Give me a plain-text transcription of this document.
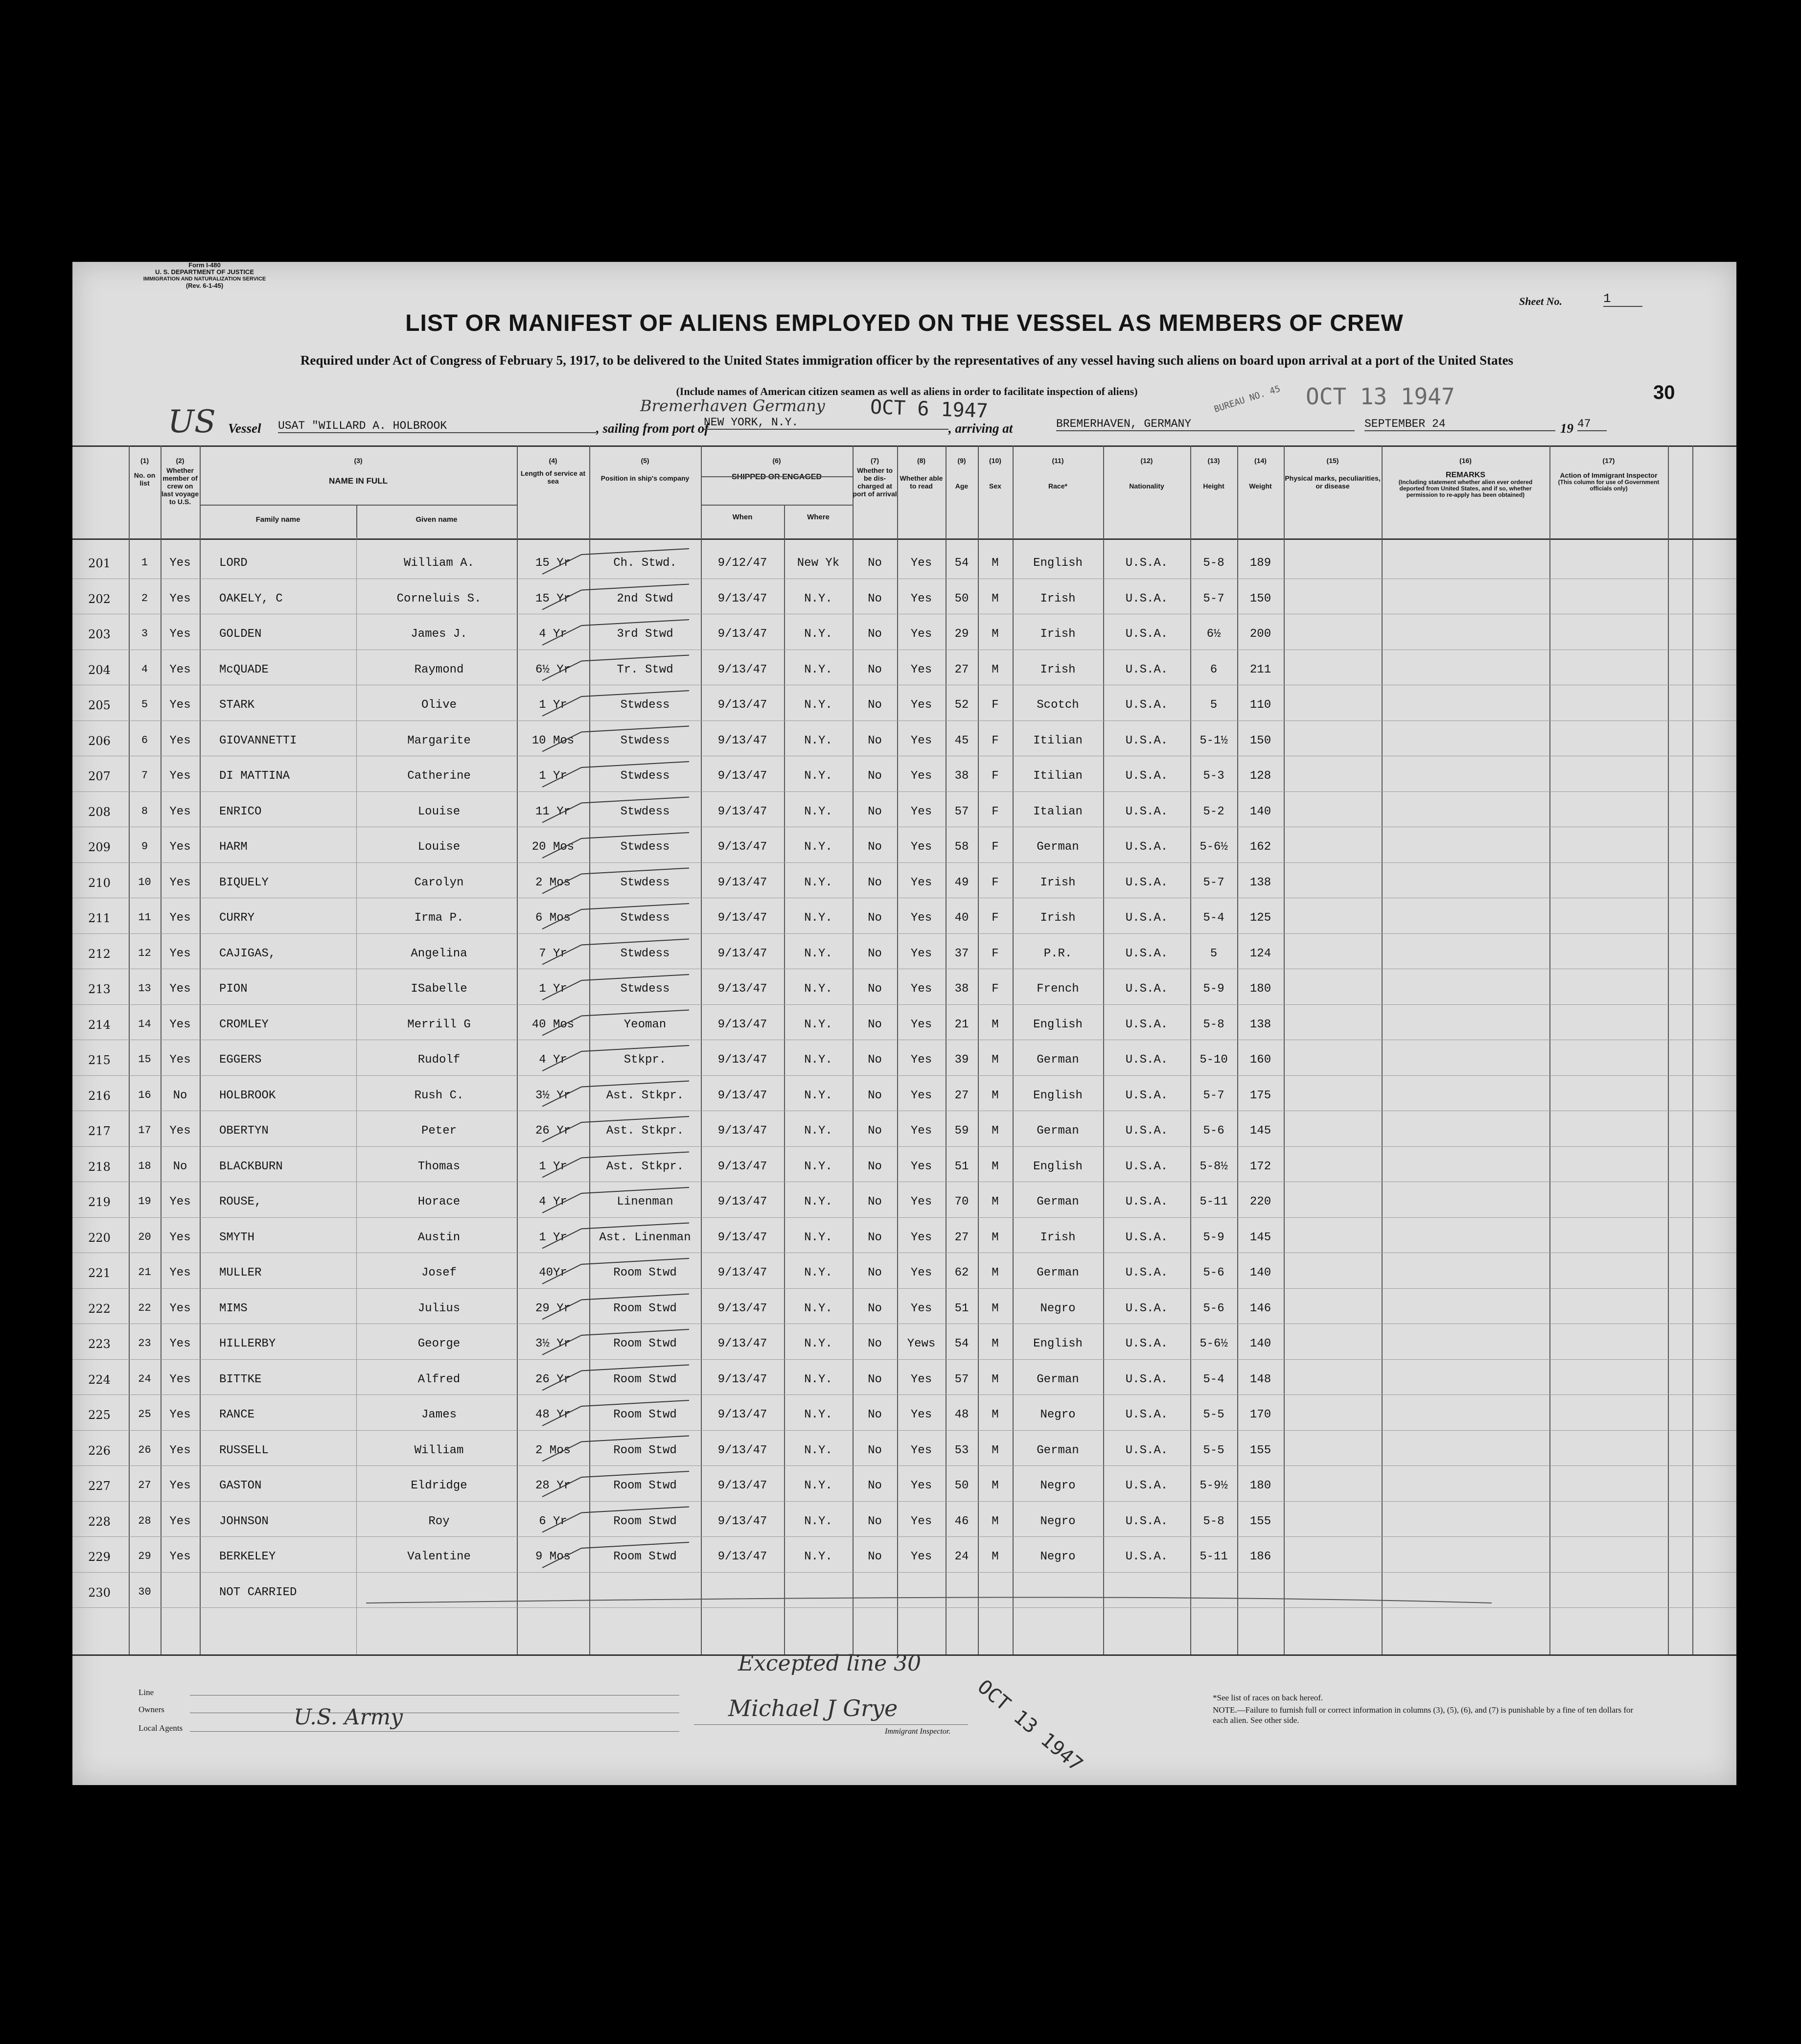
Form I-480
U. S. DEPARTMENT OF JUSTICE
IMMIGRATION AND NATURALIZATION SERVICE
(Rev. 6-1-45)
Sheet No.	1
LIST OR MANIFEST OF ALIENS EMPLOYED ON THE VESSEL AS MEMBERS OF CREW
Required under Act of Congress of February 5, 1917, to be delivered to the United States immigration officer by the representatives of any vessel having such aliens on board upon arrival at a port of the United States
(Include names of American citizen seamen as well as aliens in order to facilitate inspection of aliens)	30
US Vessel USAT "WILLARD A. HOLBROOK	, sailing from port of
Bremerhaven Germany
NEW YORK, N.Y.	OCT 6 1947
, arriving at	BREMERHAVEN, GERMANY
BUREAU NO. 45 OCT 13 1947
SEPTEMBER 24	19 47
(1)
No. on list
(2)
Whether member of crew on last voyage to U.S.
(3)
NAME IN FULL
(4)
Length of service at sea
(5)
Position in ship's company
(6)
SHIPPED OR ENGAGED
(7)
Whether to be dis-charged at port of arrival
(8)
Whether able to read
(9)
Age
(10)
Sex
(11)
Race*
(12)
Nationality
(13)
Height
(14)
Weight
(15)
Physical marks, peculiarities, or disease
(16)
REMARKS
(Including statement whether alien ever ordered deported from United States, and if so, whether permission to re-apply has been obtained)
(17)
Action of Immigrant Inspector
(This column for use of Government officials only)
Family name	Given name	When	Where
201	1	Yes	LORD	William A.	15 Yr	Ch. Stwd.	9/12/47	New Yk	No	Yes	54	M	English	U.S.A.	5-8	189
202	2	Yes	OAKELY, C	Corneluis S.	15 Yr	2nd Stwd	9/13/47	N.Y.	No	Yes	50	M	Irish	U.S.A.	5-7	150
203	3	Yes	GOLDEN	James J.	4 Yr	3rd Stwd	9/13/47	N.Y.	No	Yes	29	M	Irish	U.S.A.	6½	200
204	4	Yes	McQUADE	Raymond	6½ Yr	Tr. Stwd	9/13/47	N.Y.	No	Yes	27	M	Irish	U.S.A.	6	211
205	5	Yes	STARK	Olive	1 Yr	Stwdess	9/13/47	N.Y.	No	Yes	52	F	Scotch	U.S.A.	5	110
206	6	Yes	GIOVANNETTI	Margarite	10 Mos	Stwdess	9/13/47	N.Y.	No	Yes	45	F	Itilian	U.S.A.	5-1½	150
207	7	Yes	DI MATTINA	Catherine	1 Yr	Stwdess	9/13/47	N.Y.	No	Yes	38	F	Itilian	U.S.A.	5-3	128
208	8	Yes	ENRICO	Louise	11 Yr	Stwdess	9/13/47	N.Y.	No	Yes	57	F	Italian	U.S.A.	5-2	140
209	9	Yes	HARM	Louise	20 Mos	Stwdess	9/13/47	N.Y.	No	Yes	58	F	German	U.S.A.	5-6½	162
210	10	Yes	BIQUELY	Carolyn	2 Mos	Stwdess	9/13/47	N.Y.	No	Yes	49	F	Irish	U.S.A.	5-7	138
211	11	Yes	CURRY	Irma P.	6 Mos	Stwdess	9/13/47	N.Y.	No	Yes	40	F	Irish	U.S.A.	5-4	125
212	12	Yes	CAJIGAS,	Angelina	7 Yr	Stwdess	9/13/47	N.Y.	No	Yes	37	F	P.R.	U.S.A.	5	124
213	13	Yes	PION	ISabelle	1 Yr	Stwdess	9/13/47	N.Y.	No	Yes	38	F	French	U.S.A.	5-9	180
214	14	Yes	CROMLEY	Merrill G	40 Mos	Yeoman	9/13/47	N.Y.	No	Yes	21	M	English	U.S.A.	5-8	138
215	15	Yes	EGGERS	Rudolf	4 Yr	Stkpr.	9/13/47	N.Y.	No	Yes	39	M	German	U.S.A.	5-10	160
216	16	No	HOLBROOK	Rush C.	3½ Yr	Ast. Stkpr.	9/13/47	N.Y.	No	Yes	27	M	English	U.S.A.	5-7	175
217	17	Yes	OBERTYN	Peter	26 Yr	Ast. Stkpr.	9/13/47	N.Y.	No	Yes	59	M	German	U.S.A.	5-6	145
218	18	No	BLACKBURN	Thomas	1 Yr	Ast. Stkpr.	9/13/47	N.Y.	No	Yes	51	M	English	U.S.A.	5-8½	172
219	19	Yes	ROUSE,	Horace	4 Yr	Linenman	9/13/47	N.Y.	No	Yes	70	M	German	U.S.A.	5-11	220
220	20	Yes	SMYTH	Austin	1 Yr	Ast. Linenman	9/13/47	N.Y.	No	Yes	27	M	Irish	U.S.A.	5-9	145
221	21	Yes	MULLER	Josef	40Yr	Room Stwd	9/13/47	N.Y.	No	Yes	62	M	German	U.S.A.	5-6	140
222	22	Yes	MIMS	Julius	29 Yr	Room Stwd	9/13/47	N.Y.	No	Yes	51	M	Negro	U.S.A.	5-6	146
223	23	Yes	HILLERBY	George	3½ Yr	Room Stwd	9/13/47	N.Y.	No	Yews	54	M	English	U.S.A.	5-6½	140
224	24	Yes	BITTKE	Alfred	26 Yr	Room Stwd	9/13/47	N.Y.	No	Yes	57	M	German	U.S.A.	5-4	148
225	25	Yes	RANCE	James	48 Yr	Room Stwd	9/13/47	N.Y.	No	Yes	48	M	Negro	U.S.A.	5-5	170
226	26	Yes	RUSSELL	William	2 Mos	Room Stwd	9/13/47	N.Y.	No	Yes	53	M	German	U.S.A.	5-5	155
227	27	Yes	GASTON	Eldridge	28 Yr	Room Stwd	9/13/47	N.Y.	No	Yes	50	M	Negro	U.S.A.	5-9½	180
228	28	Yes	JOHNSON	Roy	6 Yr	Room Stwd	9/13/47	N.Y.	No	Yes	46	M	Negro	U.S.A.	5-8	155
229	29	Yes	BERKELEY	Valentine	9 Mos	Room Stwd	9/13/47	N.Y.	No	Yes	24	M	Negro	U.S.A.	5-11	186
230	30	NOT CARRIED
Line
Owners
Local Agents	U.S. Army
Excepted line 30
OCT 13 1947
Michael J Grye
Immigrant Inspector.
*See list of races on back hereof.
NOTE.—Failure to furnish full or correct information in columns (3), (5), (6), and (7) is punishable by a fine of ten dollars for each alien. See other side.
